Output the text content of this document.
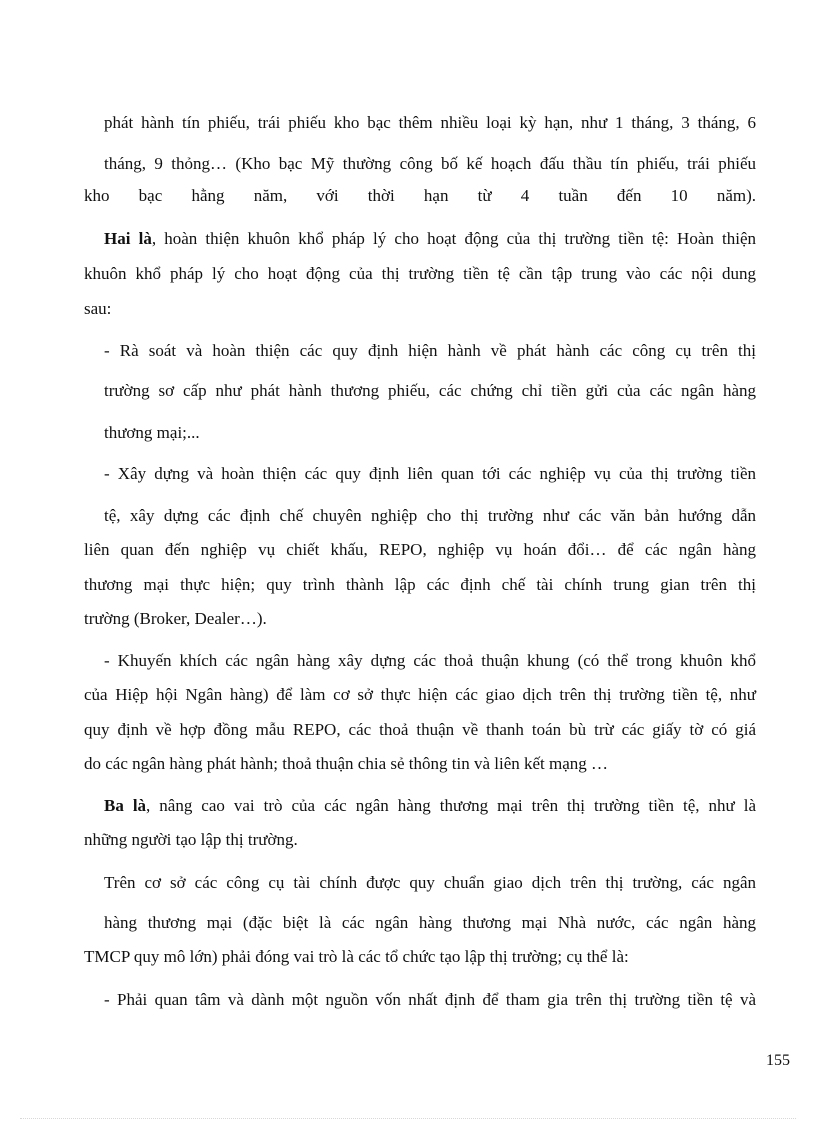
phát hành tín phiếu, trái phiếu kho bạc thêm nhiều loại kỳ hạn, như 1 tháng, 3 tháng, 6
tháng, 9 thỏng… (Kho bạc Mỹ thường công bố kế hoạch đấu thầu tín phiếu, trái phiếu
kho bạc hằng năm, với thời hạn từ 4 tuần đến 10 năm).
Hai là, hoàn thiện khuôn khổ pháp lý cho hoạt động của thị trường tiền tệ: Hoàn thiện
khuôn khổ pháp lý cho hoạt động của thị trường tiền tệ cần tập trung vào các nội dung
sau:
- Rà soát và hoàn thiện các quy định hiện hành về phát hành các công cụ trên thị
trường sơ cấp như phát hành thương phiếu, các chứng chỉ tiền gửi của các ngân hàng
thương mại;...
- Xây dựng và hoàn thiện các quy định liên quan tới các nghiệp vụ của thị trường tiền
tệ, xây dựng các định chế chuyên nghiệp cho thị trường như các văn bản hướng dẫn
liên quan đến nghiệp vụ chiết khấu, REPO, nghiệp vụ hoán đổi… để các ngân hàng
thương mại thực hiện; quy trình thành lập các định chế tài chính trung gian trên thị
trường (Broker, Dealer…).
- Khuyến khích các ngân hàng xây dựng các thoả thuận khung (có thể trong khuôn khổ
của Hiệp hội Ngân hàng) để làm cơ sở thực hiện các giao dịch trên thị trường tiền tệ, như
quy định về hợp đồng mẫu REPO, các thoả thuận về thanh toán bù trừ các giấy tờ có giá
do các ngân hàng phát hành; thoả thuận chia sẻ thông tin và liên kết mạng …
Ba là, nâng cao vai trò của các ngân hàng thương mại trên thị trường tiền tệ, như là
những người tạo lập thị trường.
Trên cơ sở các công cụ tài chính được quy chuẩn giao dịch trên thị trường, các ngân
hàng thương mại (đặc biệt là các ngân hàng thương mại Nhà nước, các ngân hàng
TMCP quy mô lớn) phải đóng vai trò là các tổ chức tạo lập thị trường; cụ thể là:
- Phải quan tâm và dành một nguồn vốn nhất định để tham gia trên thị trường tiền tệ và
155
